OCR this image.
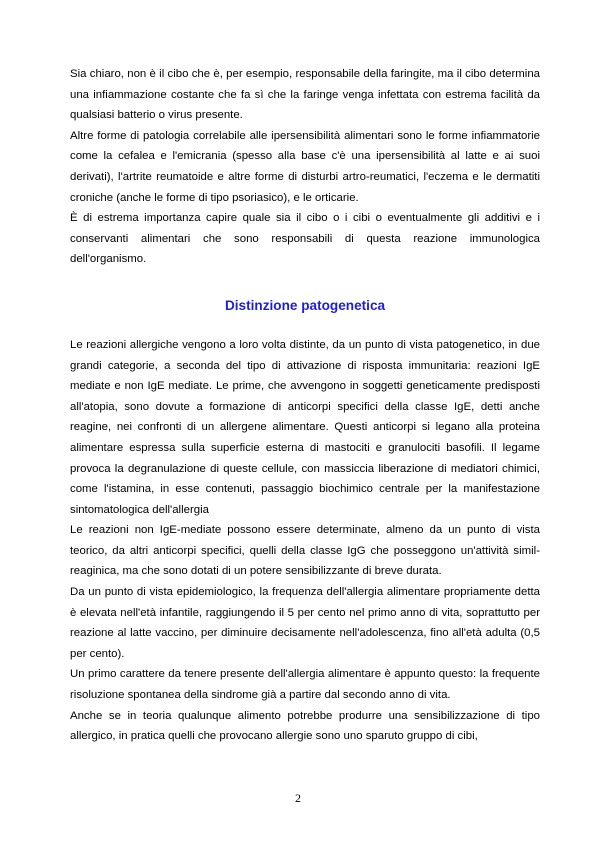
Sia chiaro, non è il cibo che è, per esempio, responsabile della faringite, ma il cibo determina una infiammazione costante che fa sì che la faringe venga infettata con estrema facilità da qualsiasi batterio o virus presente.

Altre forme di patologia correlabile alle ipersensibilità alimentari sono le forme infiammatorie come la cefalea e l'emicrania (spesso alla base c'è una ipersensibilità al latte e ai suoi derivati), l'artrite reumatoide e altre forme di disturbi artro-reumatici, l'eczema e le dermatiti croniche (anche le forme di tipo psoriasico), e le orticarie.

È di estrema importanza capire quale sia il cibo o i cibi o eventualmente gli additivi e i conservanti alimentari che sono responsabili di questa reazione immunologica dell'organismo.

Distinzione patogenetica

Le reazioni allergiche vengono a loro volta distinte, da un punto di vista patogenetico, in due grandi categorie, a seconda del tipo di attivazione di risposta immunitaria: reazioni IgE mediate e non IgE mediate. Le prime, che avvengono in soggetti geneticamente predisposti all'atopia, sono dovute a formazione di anticorpi specifici della classe IgE, detti anche reagine, nei confronti di un allergene alimentare. Questi anticorpi si legano alla proteina alimentare espressa sulla superficie esterna di mastociti e granulociti basofili. Il legame provoca la degranulazione di queste cellule, con massiccia liberazione di mediatori chimici, come l'istamina, in esse contenuti, passaggio biochimico centrale per la manifestazione sintomatologica dell'allergia

Le reazioni non IgE-mediate possono essere determinate, almeno da un punto di vista teorico, da altri anticorpi specifici, quelli della classe IgG che posseggono un'attività simil-reaginica, ma che sono dotati di un potere sensibilizzante di breve durata.

Da un punto di vista epidemiologico, la frequenza dell'allergia alimentare propriamente detta è elevata nell'età infantile, raggiungendo il 5 per cento nel primo anno di vita, soprattutto per reazione al latte vaccino, per diminuire decisamente nell'adolescenza, fino all'età adulta (0,5 per cento).

Un primo carattere da tenere presente dell'allergia alimentare è appunto questo: la frequente risoluzione spontanea della sindrome già a partire dal secondo anno di vita.

Anche se in teoria qualunque alimento potrebbe produrre una sensibilizzazione di tipo allergico, in pratica quelli che provocano allergie sono uno sparuto gruppo di cibi,

2
